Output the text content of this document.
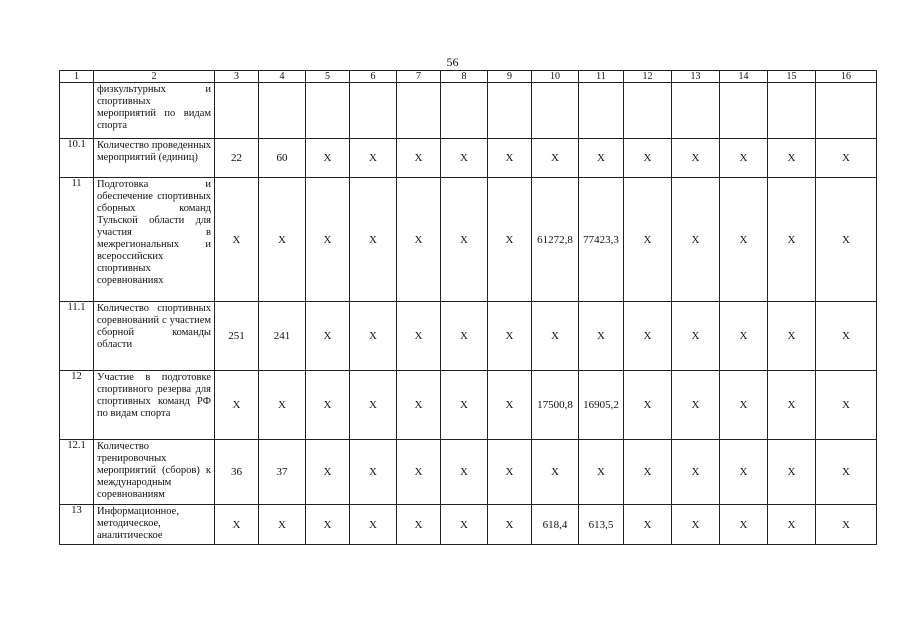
56
1	2	3	4	5	6	7	8	9	10	11	12	13	14	15	16
	физкультурных и спортивных мероприятий по видам спорта														
10.1	Количество проведенных мероприятий (единиц)	22	60	X	X	X	X	X	X	X	X	X	X	X	X
11	Подготовка и обеспечение спортивных сборных команд Тульской области для участия в межрегиональных и всероссийских спортивных соревнованиях	X	X	X	X	X	X	X	61272,8	77423,3	X	X	X	X	X
11.1	Количество спортивных соревнований с участием сборной команды области	251	241	X	X	X	X	X	X	X	X	X	X	X	X
12	Участие в подготовке спортивного резерва для спортивных команд РФ по видам спорта	X	X	X	X	X	X	X	17500,8	16905,2	X	X	X	X	X
12.1	Количество тренировочных мероприятий (сборов) к международным соревнованиям	36	37	X	X	X	X	X	X	X	X	X	X	X	X
13	Информационное, методическое, аналитическое	X	X	X	X	X	X	X	618,4	613,5	X	X	X	X	X
